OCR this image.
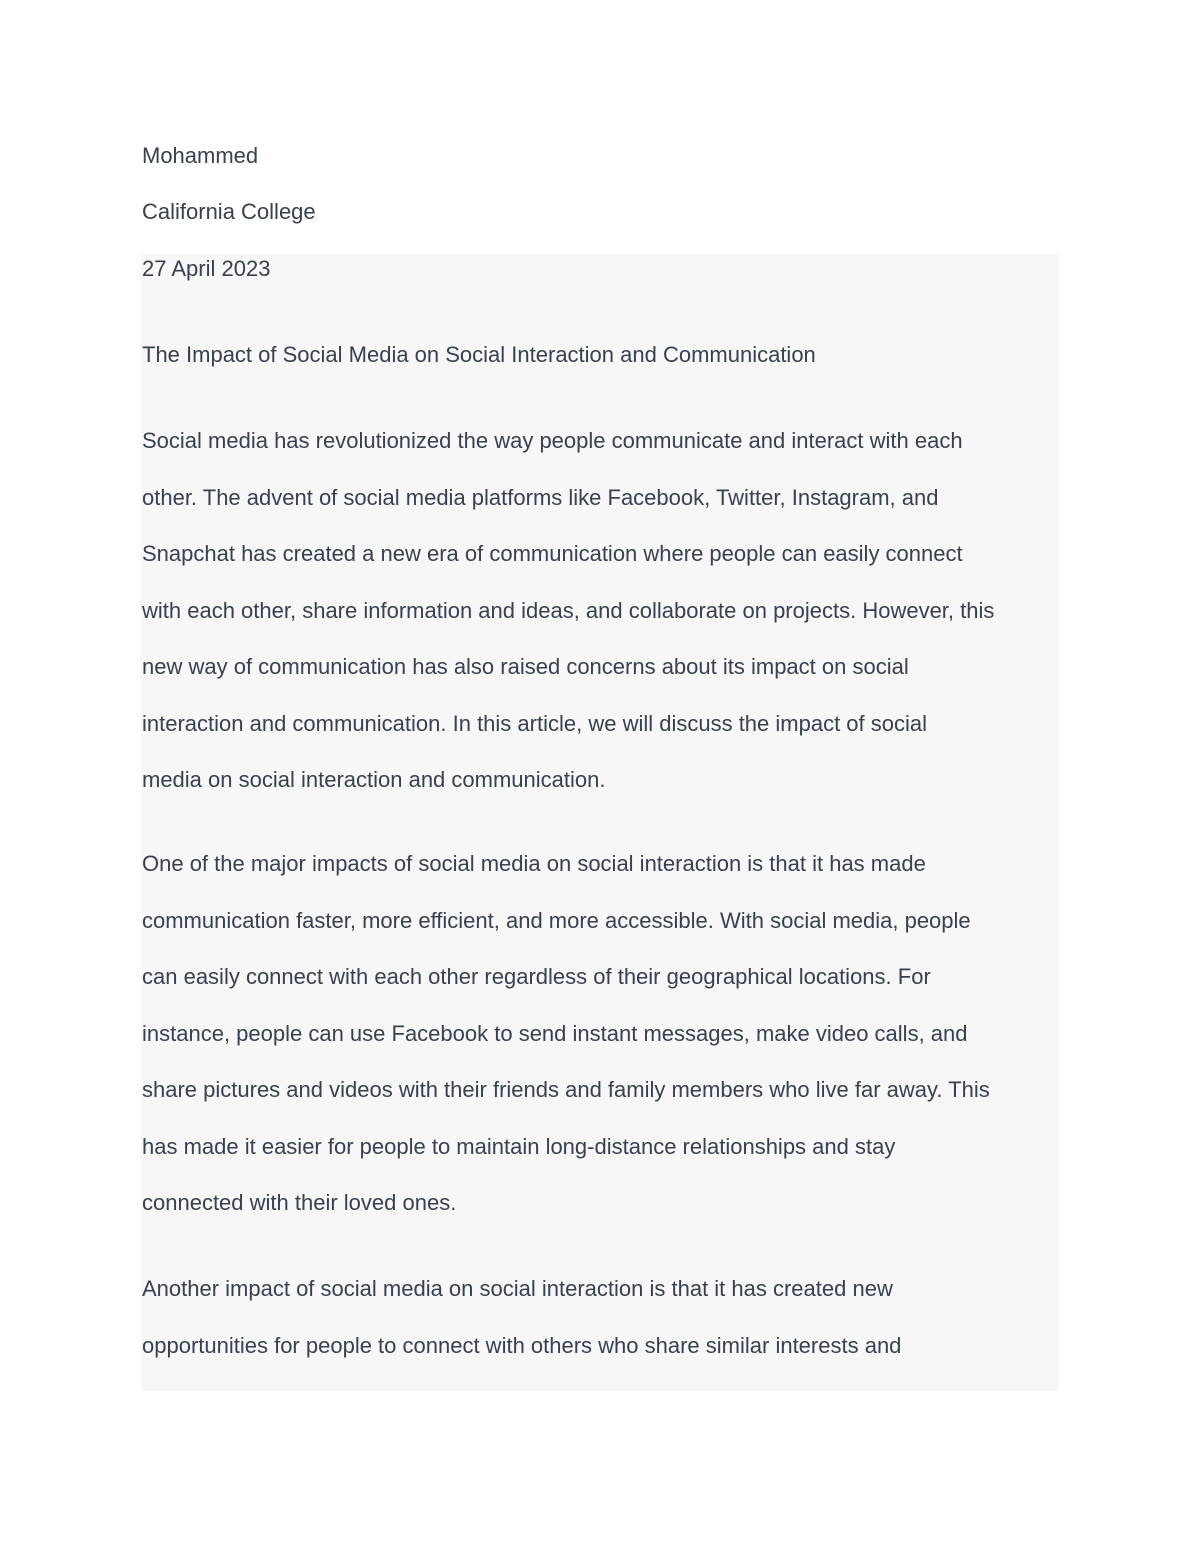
Mohammed

California College

27 April 2023

The Impact of Social Media on Social Interaction and Communication

Social media has revolutionized the way people communicate and interact with each
other. The advent of social media platforms like Facebook, Twitter, Instagram, and
Snapchat has created a new era of communication where people can easily connect
with each other, share information and ideas, and collaborate on projects. However, this
new way of communication has also raised concerns about its impact on social
interaction and communication. In this article, we will discuss the impact of social
media on social interaction and communication.
One of the major impacts of social media on social interaction is that it has made
communication faster, more efficient, and more accessible. With social media, people
can easily connect with each other regardless of their geographical locations. For
instance, people can use Facebook to send instant messages, make video calls, and
share pictures and videos with their friends and family members who live far away. This
has made it easier for people to maintain long-distance relationships and stay
connected with their loved ones.
Another impact of social media on social interaction is that it has created new
opportunities for people to connect with others who share similar interests and
